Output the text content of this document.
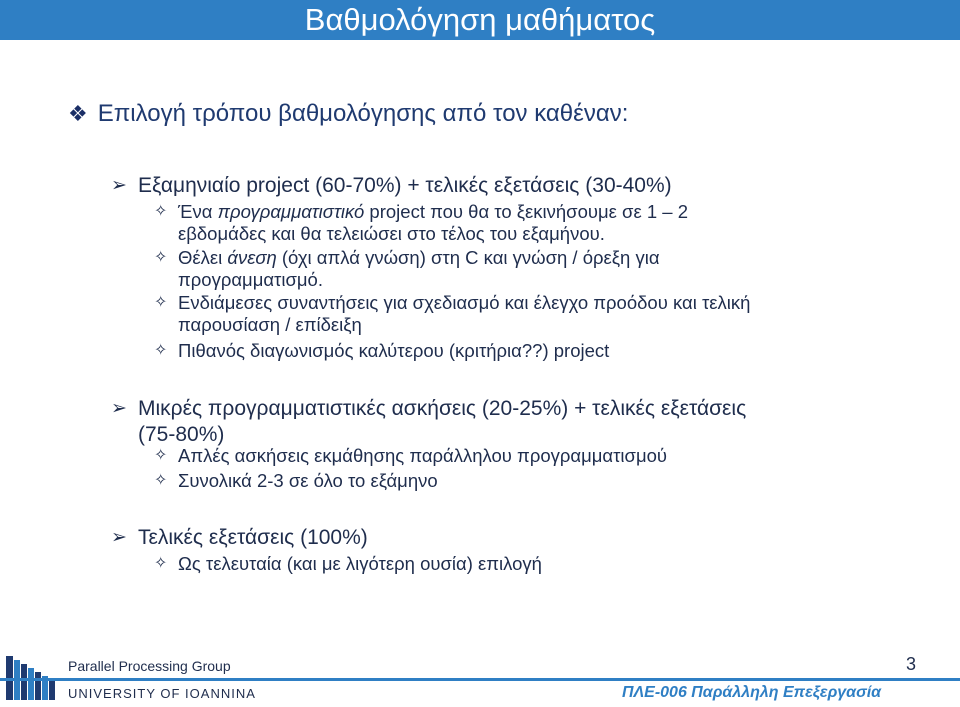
Βαθμολόγηση μαθήματος
❖ Επιλογή τρόπου βαθμολόγησης από τον καθέναν:
➢ Εξαμηνιαίο project (60-70%) + τελικές εξετάσεις (30-40%)
✧ Ένα προγραμματιστικό project που θα το ξεκινήσουμε σε 1 – 2
εβδομάδες και θα τελειώσει στο τέλος του εξαμήνου.
✧ Θέλει άνεση (όχι απλά γνώση) στη C και γνώση / όρεξη για
προγραμματισμό.
✧ Ενδιάμεσες συναντήσεις για σχεδιασμό και έλεγχο προόδου και τελική
παρουσίαση / επίδειξη
✧ Πιθανός διαγωνισμός καλύτερου (κριτήρια??) project
➢ Μικρές προγραμματιστικές ασκήσεις (20-25%) + τελικές εξετάσεις
(75-80%)
✧ Απλές ασκήσεις εκμάθησης παράλληλου προγραμματισμού
✧ Συνολικά 2-3 σε όλο το εξάμηνο
➢ Τελικές εξετάσεις (100%)
✧ Ως τελευταία (και με λιγότερη ουσία) επιλογή
Parallel Processing Group
UNIVERSITY OF IOANNINA
3
ΠΛΕ-006 Παράλληλη Επεξεργασία
